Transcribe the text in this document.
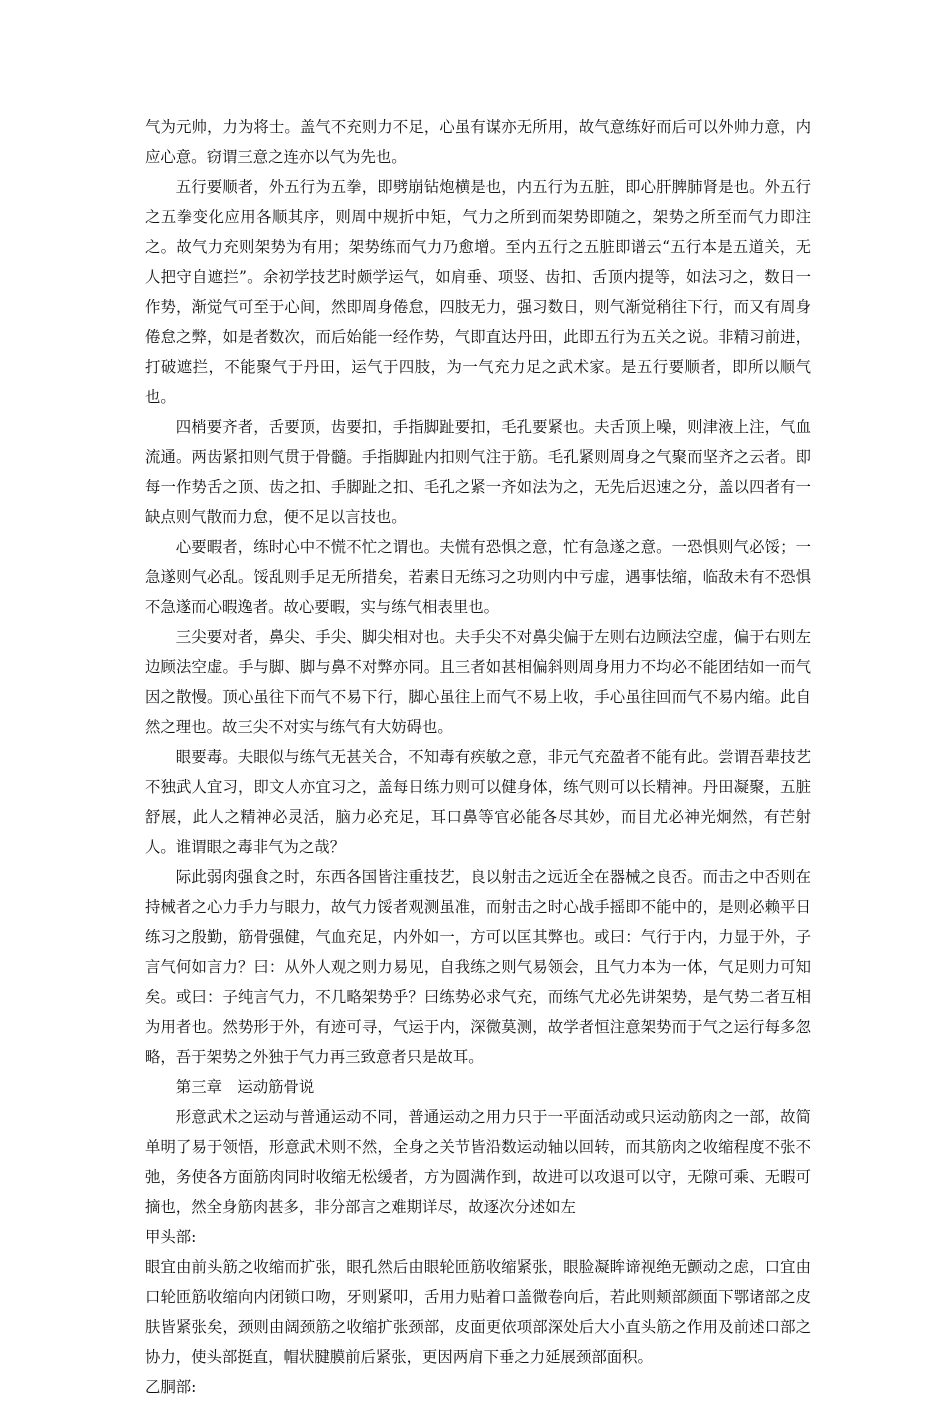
气为元帅，力为将士。盖气不充则力不足，心虽有谋亦无所用，故气意练好而后可以外帅力意，内应心意。窃谓三意之连亦以气为先也。

五行要顺者，外五行为五拳，即劈崩钻炮横是也，内五行为五脏，即心肝脾肺肾是也。外五行之五拳变化应用各顺其序，则周中规折中矩，气力之所到而架势即随之，架势之所至而气力即注之。故气力充则架势为有用；架势练而气力乃愈增。至内五行之五脏即谱云“五行本是五道关，无人把守自遮拦”。余初学技艺时颇学运气，如肩垂、项竖、齿扣、舌顶内提等，如法习之，数日一作势，渐觉气可至于心间，然即周身倦怠，四肢无力，强习数日，则气渐觉稍往下行，而又有周身倦怠之弊，如是者数次，而后始能一经作势，气即直达丹田，此即五行为五关之说。非精习前进，打破遮拦，不能聚气于丹田，运气于四肢，为一气充力足之武术家。是五行要顺者，即所以顺气也。

四梢要齐者，舌要顶，齿要扣，手指脚趾要扣，毛孔要紧也。夫舌顶上噪，则津液上注，气血流通。两齿紧扣则气贯于骨髓。手指脚趾内扣则气注于筋。毛孔紧则周身之气聚而坚齐之云者。即每一作势舌之顶、齿之扣、手脚趾之扣、毛孔之紧一齐如法为之，无先后迟速之分，盖以四者有一缺点则气散而力怠，便不足以言技也。

心要暇者，练时心中不慌不忙之谓也。夫慌有恐惧之意，忙有急遂之意。一恐惧则气必馁；一急遂则气必乱。馁乱则手足无所措矣，若素日无练习之功则内中亏虚，遇事怯缩，临敌未有不恐惧不急遂而心暇逸者。故心要暇，实与练气相表里也。

三尖要对者，鼻尖、手尖、脚尖相对也。夫手尖不对鼻尖偏于左则右边顾法空虚，偏于右则左边顾法空虚。手与脚、脚与鼻不对弊亦同。且三者如甚相偏斜则周身用力不均必不能团结如一而气因之散慢。顶心虽往下而气不易下行，脚心虽往上而气不易上收，手心虽往回而气不易内缩。此自然之理也。故三尖不对实与练气有大妨碍也。

眼要毒。夫眼似与练气无甚关合，不知毒有疾敏之意，非元气充盈者不能有此。尝谓吾辈技艺不独武人宜习，即文人亦宜习之，盖每日练力则可以健身体，练气则可以长精神。丹田凝聚，五脏舒展，此人之精神必灵活，脑力必充足，耳口鼻等官必能各尽其妙，而目尤必神光炯然，有芒射人。谁谓眼之毒非气为之哉？

际此弱肉强食之时，东西各国皆注重技艺，良以射击之远近全在器械之良否。而击之中否则在持械者之心力手力与眼力，故气力馁者观测虽准，而射击之时心战手摇即不能中的，是则必赖平日练习之殷勤，筋骨强健，气血充足，内外如一，方可以匡其弊也。或曰：气行于内，力显于外，子言气何如言力？曰：从外人观之则力易见，自我练之则气易领会，且气力本为一体，气足则力可知矣。或曰：子纯言气力，不几略架势乎？曰练势必求气充，而练气尤必先讲架势，是气势二者互相为用者也。然势形于外，有迹可寻，气运于内，深微莫测，故学者恒注意架势而于气之运行每多忽略，吾于架势之外独于气力再三致意者只是故耳。

第三章　运动筋骨说

形意武术之运动与普通运动不同，普通运动之用力只于一平面活动或只运动筋肉之一部，故简单明了易于领悟，形意武术则不然，全身之关节皆沿数运动轴以回转，而其筋肉之收缩程度不张不弛，务使各方面筋肉同时收缩无松缓者，方为圆满作到，故进可以攻退可以守，无隙可乘、无暇可摘也，然全身筋肉甚多，非分部言之难期详尽，故逐次分述如左

甲头部:

眼宜由前头筋之收缩而扩张，眼孔然后由眼轮匝筋收缩紧张，眼脸凝眸谛视绝无颤动之虑，口宜由口轮匝筋收缩向内闭锁口吻，牙则紧叩，舌用力贴着口盖微卷向后，若此则颊部颜面下鄂诸部之皮肤皆紧张矣，颈则由阔颈筋之收缩扩张颈部，皮面更依项部深处后大小直头筋之作用及前述口部之协力，使头部挺直，帽状腱膜前后紧张，更因两肩下垂之力延展颈部面积。

乙胴部:
